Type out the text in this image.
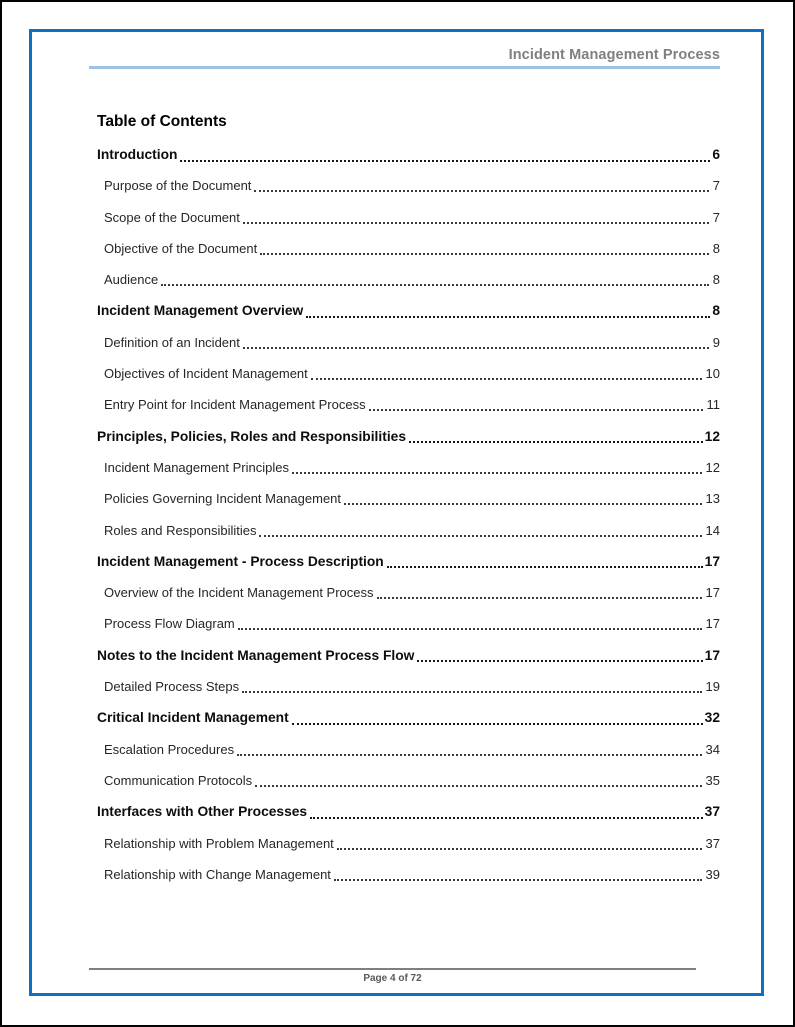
Incident Management Process
Table of Contents
Introduction	6
Purpose of the Document	7
Scope of the Document	7
Objective of the Document	8
Audience	8
Incident Management Overview	8
Definition of an Incident	9
Objectives of Incident Management	10
Entry Point for Incident Management Process	11
Principles, Policies, Roles and Responsibilities	12
Incident Management Principles	12
Policies Governing Incident Management	13
Roles and Responsibilities	14
Incident Management - Process Description	17
Overview of the Incident Management Process	17
Process Flow Diagram	17
Notes to the Incident Management Process Flow	17
Detailed Process Steps	19
Critical Incident Management	32
Escalation Procedures	34
Communication Protocols	35
Interfaces with Other Processes	37
Relationship with Problem Management	37
Relationship with Change Management	39
Page 4 of 72
